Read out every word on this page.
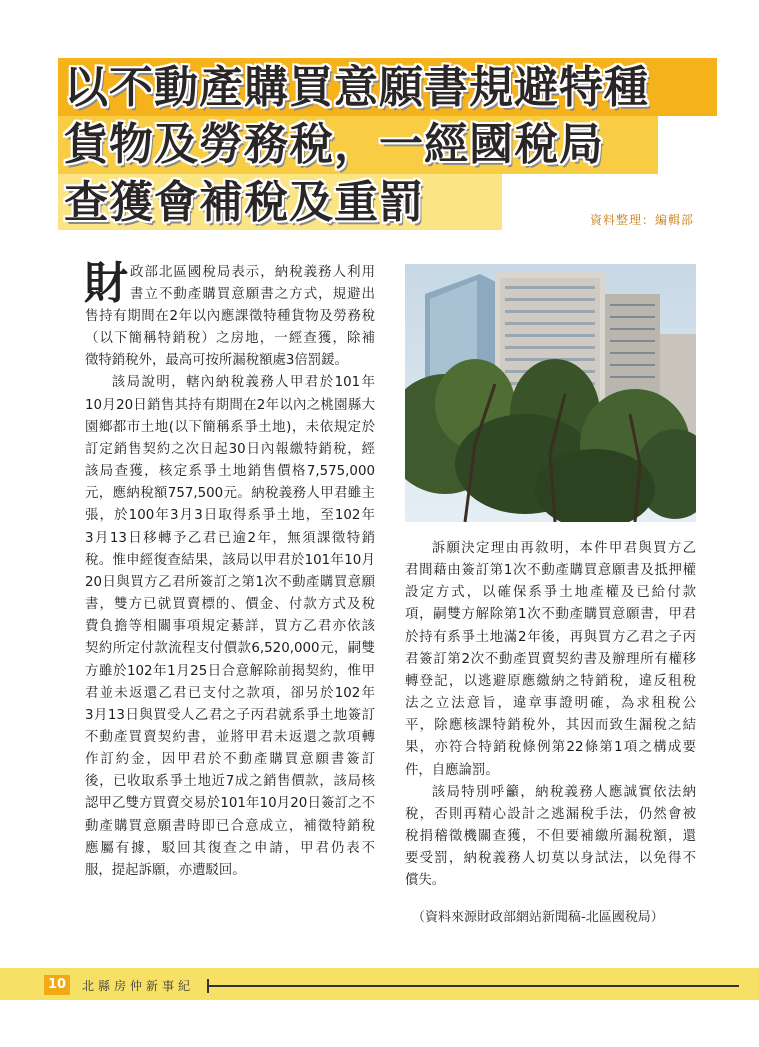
以不動產購買意願書規避特種
貨物及勞務稅，一經國稅局
查獲會補稅及重罰	資料整理：編輯部
財 政部北區國稅局表示，納稅義務人利用

書立不動產購買意願書之方式，規避出

售持有期間在2年以內應課徵特種貨物及勞務稅

（以下簡稱特銷稅）之房地，一經查獲，除補

徵特銷稅外，最高可按所漏稅額處3倍罰鍰。

該局說明，轄內納稅義務人甲君於101年

10月20日銷售其持有期間在2年以內之桃園縣大

園鄉都市土地(以下簡稱系爭土地)，未依規定於

訂定銷售契約之次日起30日內報繳特銷稅，經

該局查獲，核定系爭土地銷售價格7,575,000

元，應納稅額757,500元。納稅義務人甲君雖主

張，於100年3月3日取得系爭土地，至102年

3月13日移轉予乙君已逾2年，無須課徵特銷

稅。惟申經復查結果，該局以甲君於101年10月

20日與買方乙君所簽訂之第1次不動產購買意願

書，雙方已就買賣標的、價金、付款方式及稅

費負擔等相關事項規定綦詳，買方乙君亦依該

契約所定付款流程支付價款6,520,000元，嗣雙

方雖於102年1月25日合意解除前揭契約，惟甲

君並未返還乙君已支付之款項，卻另於102年

3月13日與買受人乙君之子丙君就系爭土地簽訂

不動產買賣契約書，並將甲君未返還之款項轉

作訂約金，因甲君於不動產購買意願書簽訂

後，已收取系爭土地近7成之銷售價款，該局核

認甲乙雙方買賣交易於101年10月20日簽訂之不

動產購買意願書時即已合意成立，補徵特銷稅

應屬有據，駁回其復查之申請，甲君仍表不

服，提起訴願，亦遭駁回。

訴願決定理由再敘明，本件甲君與買方乙

君間藉由簽訂第1次不動產購買意願書及抵押權

設定方式，以確保系爭土地產權及已給付款

項，嗣雙方解除第1次不動產購買意願書，甲君

於持有系爭土地滿2年後，再與買方乙君之子丙

君簽訂第2次不動產買賣契約書及辦理所有權移

轉登記，以逃避原應繳納之特銷稅，違反租稅

法之立法意旨，違章事證明確，為求租稅公

平，除應核課特銷稅外，其因而致生漏稅之結

果，亦符合特銷稅條例第22條第1項之構成要

件，自應論罰。

該局特別呼籲，納稅義務人應誠實依法納

稅，否則再精心設計之逃漏稅手法，仍然會被

稅捐稽徵機關查獲，不但要補繳所漏稅額，還

要受罰，納稅義務人切莫以身試法，以免得不

償失。

（資料來源財政部網站新聞稿-北區國稅局）
10	北縣房仲新事紀
